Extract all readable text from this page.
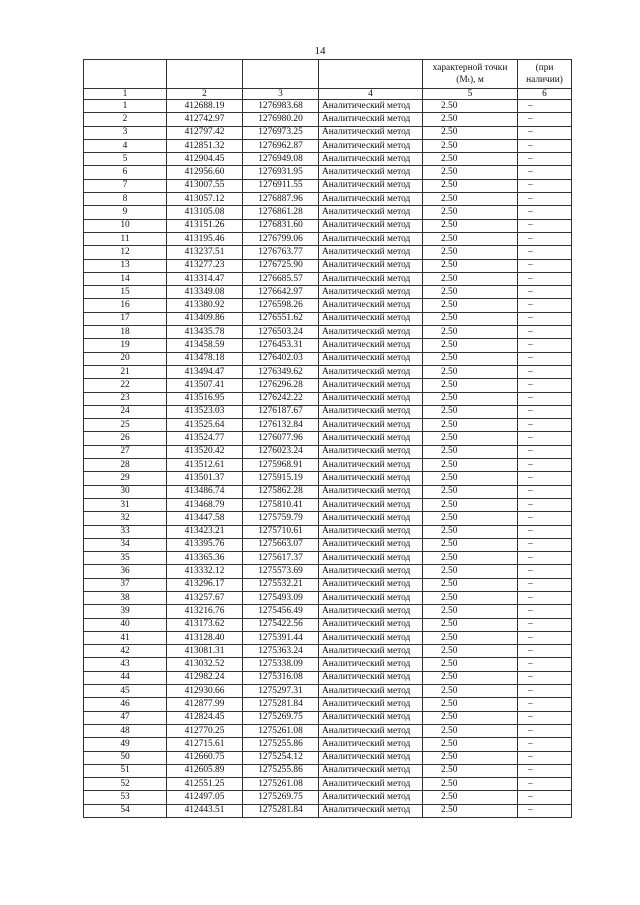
14
				характерной точки (Mₜ), м	(при наличии)
1	2	3	4	5	6
1	412688.19	1276983.68	Аналитический метод	2.50	–
2	412742.97	1276980.20	Аналитический метод	2.50	–
3	412797.42	1276973.25	Аналитический метод	2.50	–
4	412851.32	1276962.87	Аналитический метод	2.50	–
5	412904.45	1276949.08	Аналитический метод	2.50	–
6	412956.60	1276931.95	Аналитический метод	2.50	–
7	413007.55	1276911.55	Аналитический метод	2.50	–
8	413057.12	1276887.96	Аналитический метод	2.50	–
9	413105.08	1276861.28	Аналитический метод	2.50	–
10	413151.26	1276831.60	Аналитический метод	2.50	–
11	413195.46	1276799.06	Аналитический метод	2.50	–
12	413237.51	1276763.77	Аналитический метод	2.50	–
13	413277.23	1276725.90	Аналитический метод	2.50	–
14	413314.47	1276685.57	Аналитический метод	2.50	–
15	413349.08	1276642.97	Аналитический метод	2.50	–
16	413380.92	1276598.26	Аналитический метод	2.50	–
17	413409.86	1276551.62	Аналитический метод	2.50	–
18	413435.78	1276503.24	Аналитический метод	2.50	–
19	413458.59	1276453.31	Аналитический метод	2.50	–
20	413478.18	1276402.03	Аналитический метод	2.50	–
21	413494.47	1276349.62	Аналитический метод	2.50	–
22	413507.41	1276296.28	Аналитический метод	2.50	–
23	413516.95	1276242.22	Аналитический метод	2.50	–
24	413523.03	1276187.67	Аналитический метод	2.50	–
25	413525.64	1276132.84	Аналитический метод	2.50	–
26	413524.77	1276077.96	Аналитический метод	2.50	–
27	413520.42	1276023.24	Аналитический метод	2.50	–
28	413512.61	1275968.91	Аналитический метод	2.50	–
29	413501.37	1275915.19	Аналитический метод	2.50	–
30	413486.74	1275862.28	Аналитический метод	2.50	–
31	413468.79	1275810.41	Аналитический метод	2.50	–
32	413447.58	1275759.79	Аналитический метод	2.50	–
33	413423.21	1275710.61	Аналитический метод	2.50	–
34	413395.76	1275663.07	Аналитический метод	2.50	–
35	413365.36	1275617.37	Аналитический метод	2.50	–
36	413332.12	1275573.69	Аналитический метод	2.50	–
37	413296.17	1275532.21	Аналитический метод	2.50	–
38	413257.67	1275493.09	Аналитический метод	2.50	–
39	413216.76	1275456.49	Аналитический метод	2.50	–
40	413173.62	1275422.56	Аналитический метод	2.50	–
41	413128.40	1275391.44	Аналитический метод	2.50	–
42	413081.31	1275363.24	Аналитический метод	2.50	–
43	413032.52	1275338.09	Аналитический метод	2.50	–
44	412982.24	1275316.08	Аналитический метод	2.50	–
45	412930.66	1275297.31	Аналитический метод	2.50	–
46	412877.99	1275281.84	Аналитический метод	2.50	–
47	412824.45	1275269.75	Аналитический метод	2.50	–
48	412770.25	1275261.08	Аналитический метод	2.50	–
49	412715.61	1275255.86	Аналитический метод	2.50	–
50	412660.75	1275254.12	Аналитический метод	2.50	–
51	412605.89	1275255.86	Аналитический метод	2.50	–
52	412551.25	1275261.08	Аналитический метод	2.50	–
53	412497.05	1275269.75	Аналитический метод	2.50	–
54	412443.51	1275281.84	Аналитический метод	2.50	–
